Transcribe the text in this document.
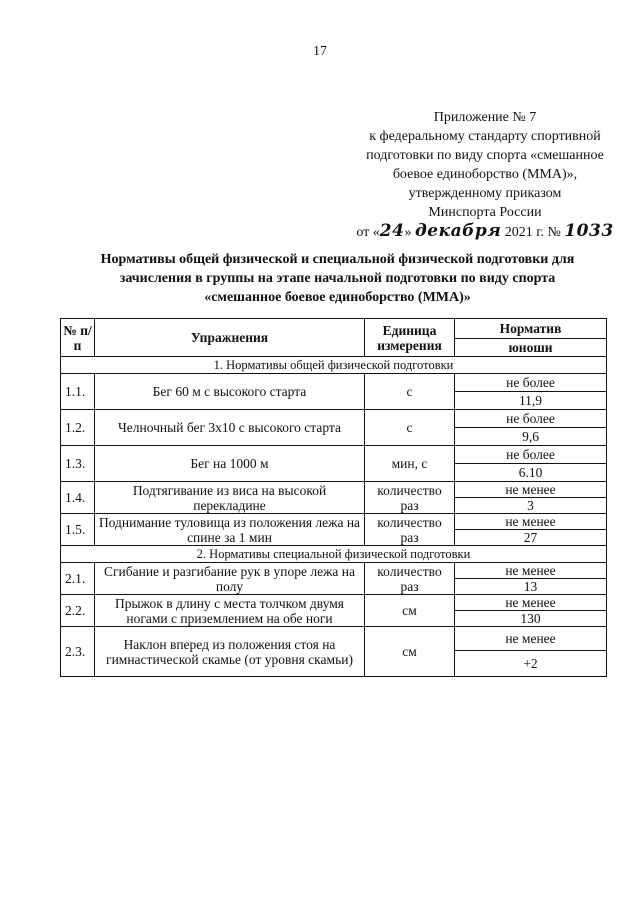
17
Приложение № 7
к федеральному стандарту спортивной
подготовки по виду спорта «смешанное
боевое единоборство (ММА)»,
утвержденному приказом
Минспорта России
от «24» декабря 2021 г. № 1033
Нормативы общей физической и специальной физической подготовки для
зачисления в группы на этапе начальной подготовки по виду спорта
«смешанное боевое единоборство (ММА)»
№ п/п	Упражнения	Единица измерения	Норматив
			юноши
1. Нормативы общей физической подготовки			
1.1.	Бег 60 м с высокого старта	с	не более
			11,9
1.2.	Челночный бег 3х10 с высокого старта	с	не более
			9,6
1.3.	Бег на 1000 м	мин, с	не более
			6.10
1.4.	Подтягивание из виса на высокой перекладине	количество раз	не менее
			3
1.5.	Поднимание туловища из положения лежа на спине за 1 мин	количество раз	не менее
			27
2. Нормативы специальной физической подготовки			
2.1.	Сгибание и разгибание рук в упоре лежа на полу	количество раз	не менее
			13
2.2.	Прыжок в длину с места толчком двумя ногами с приземлением на обе ноги	см	не менее
			130
2.3.	Наклон вперед из положения стоя на гимнастической скамье (от уровня скамьи)	см	не менее
			+2
